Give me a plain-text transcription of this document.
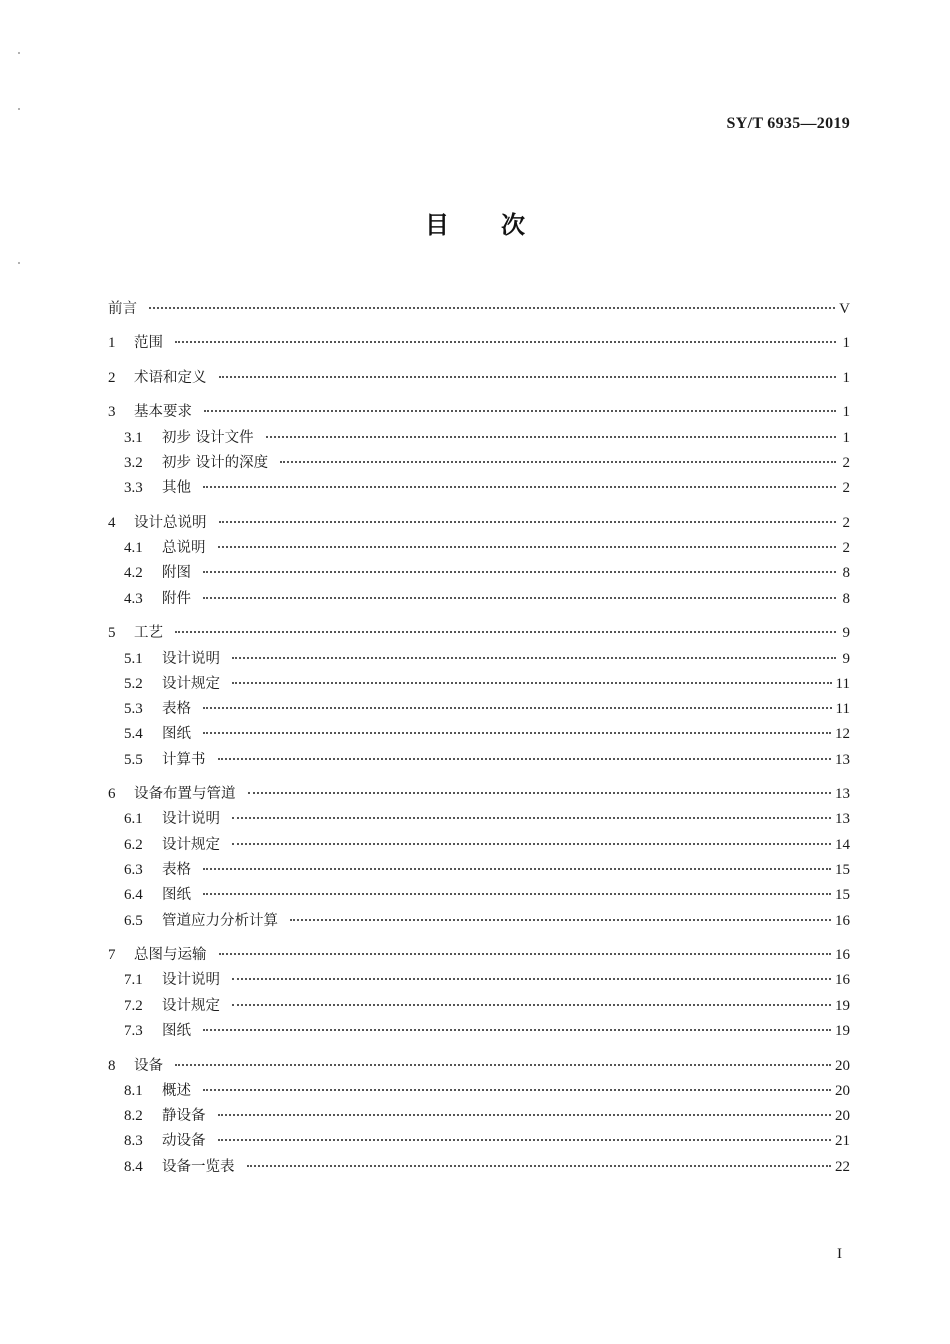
SY/T 6935—2019
目次
前言	V
1	范围	1
2	术语和定义	1
3	基本要求	1
3.1	初步 设计文件	1
3.2	初步 设计的深度	2
3.3	其他	2
4	设计总说明	2
4.1	总说明	2
4.2	附图	8
4.3	附件	8
5	工艺	9
5.1	设计说明	9
5.2	设计规定	11
5.3	表格	11
5.4	图纸	12
5.5	计算书	13
6	设备布置与管道	13
6.1	设计说明	13
6.2	设计规定	14
6.3	表格	15
6.4	图纸	15
6.5	管道应力分析计算	16
7	总图与运输	16
7.1	设计说明	16
7.2	设计规定	19
7.3	图纸	19
8	设备	20
8.1	概述	20
8.2	静设备	20
8.3	动设备	21
8.4	设备一览表	22
I
